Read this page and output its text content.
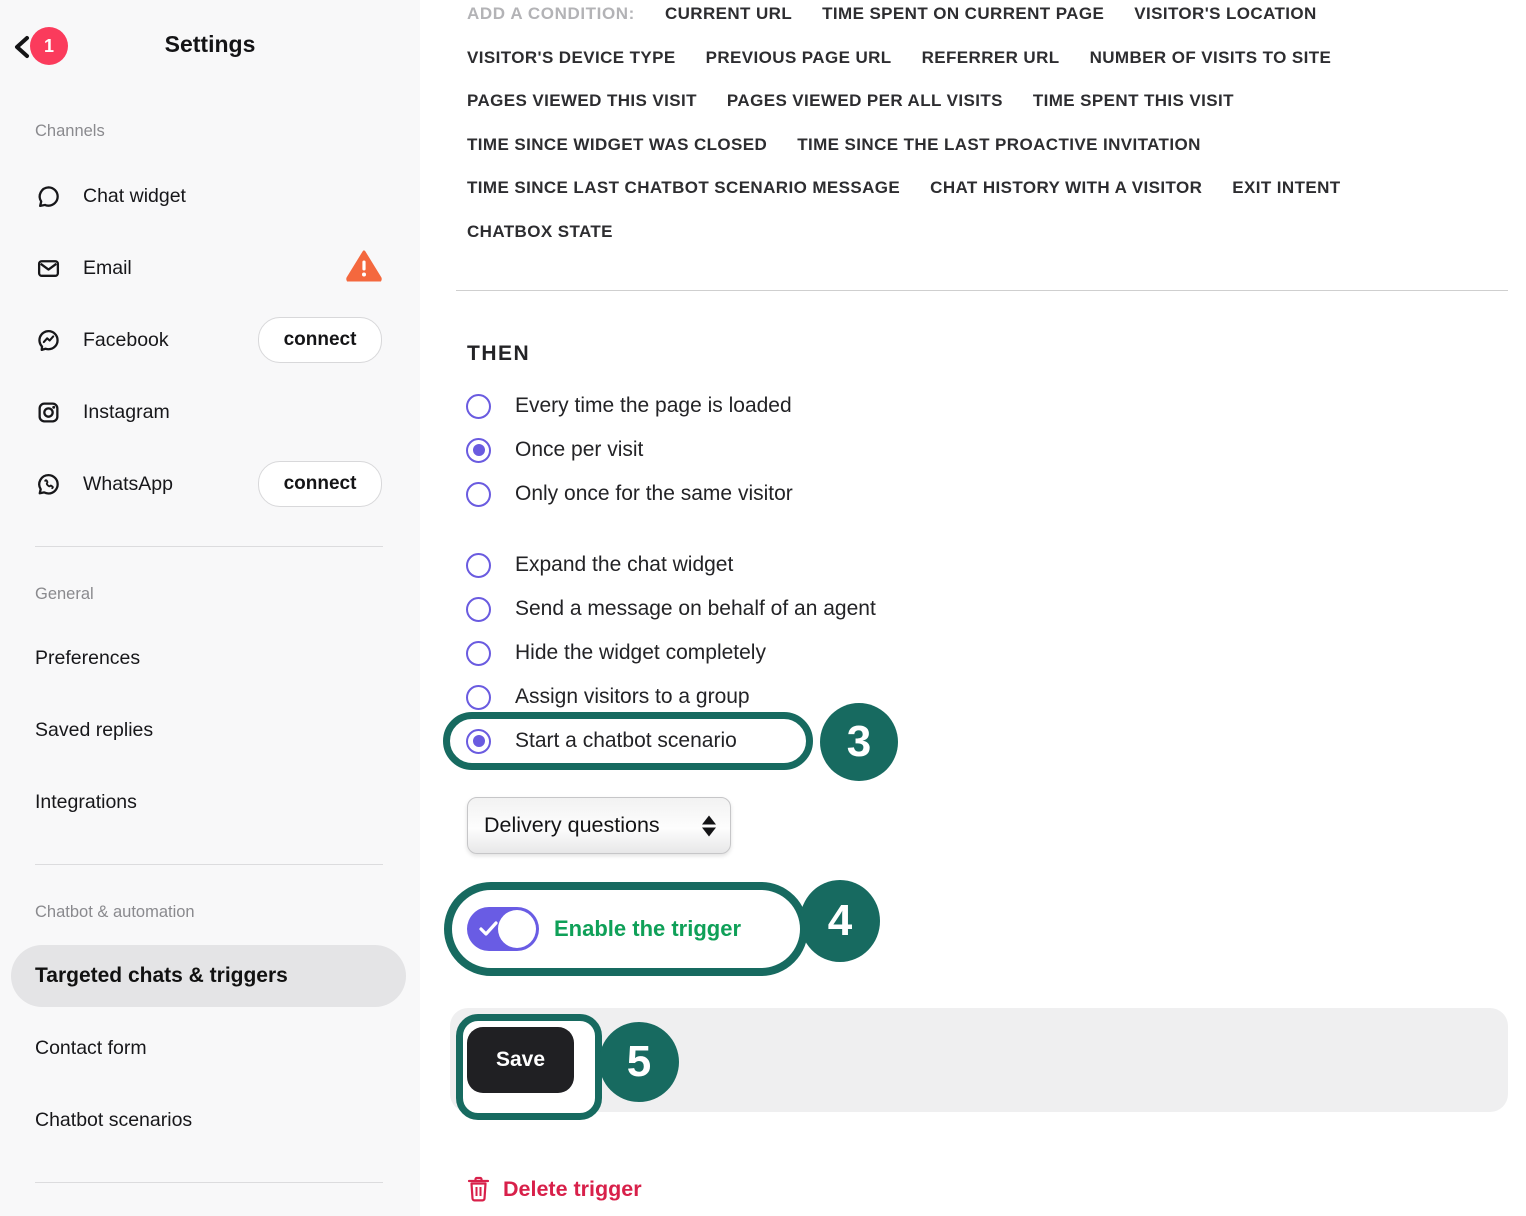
1	Settings
Channels
Chat widget
Email
Facebook	connect
Instagram
WhatsApp	connect
General
Preferences
Saved replies
Integrations
Chatbot & automation
Targeted chats & triggers
Contact form
Chatbot scenarios
ADD A CONDITION: CURRENT URL TIME SPENT ON CURRENT PAGE VISITOR'S LOCATION
VISITOR'S DEVICE TYPE PREVIOUS PAGE URL REFERRER URL NUMBER OF VISITS TO SITE
PAGES VIEWED THIS VISIT PAGES VIEWED PER ALL VISITS TIME SPENT THIS VISIT
TIME SINCE WIDGET WAS CLOSED TIME SINCE THE LAST PROACTIVE INVITATION
TIME SINCE LAST CHATBOT SCENARIO MESSAGE CHAT HISTORY WITH A VISITOR EXIT INTENT
CHATBOX STATE
THEN
Every time the page is loaded
Once per visit
Only once for the same visitor
Expand the chat widget
Send a message on behalf of an agent
Hide the widget completely
Assign visitors to a group
Start a chatbot scenario	3
Delivery questions
Enable the trigger	4
Save	5
Delete trigger
